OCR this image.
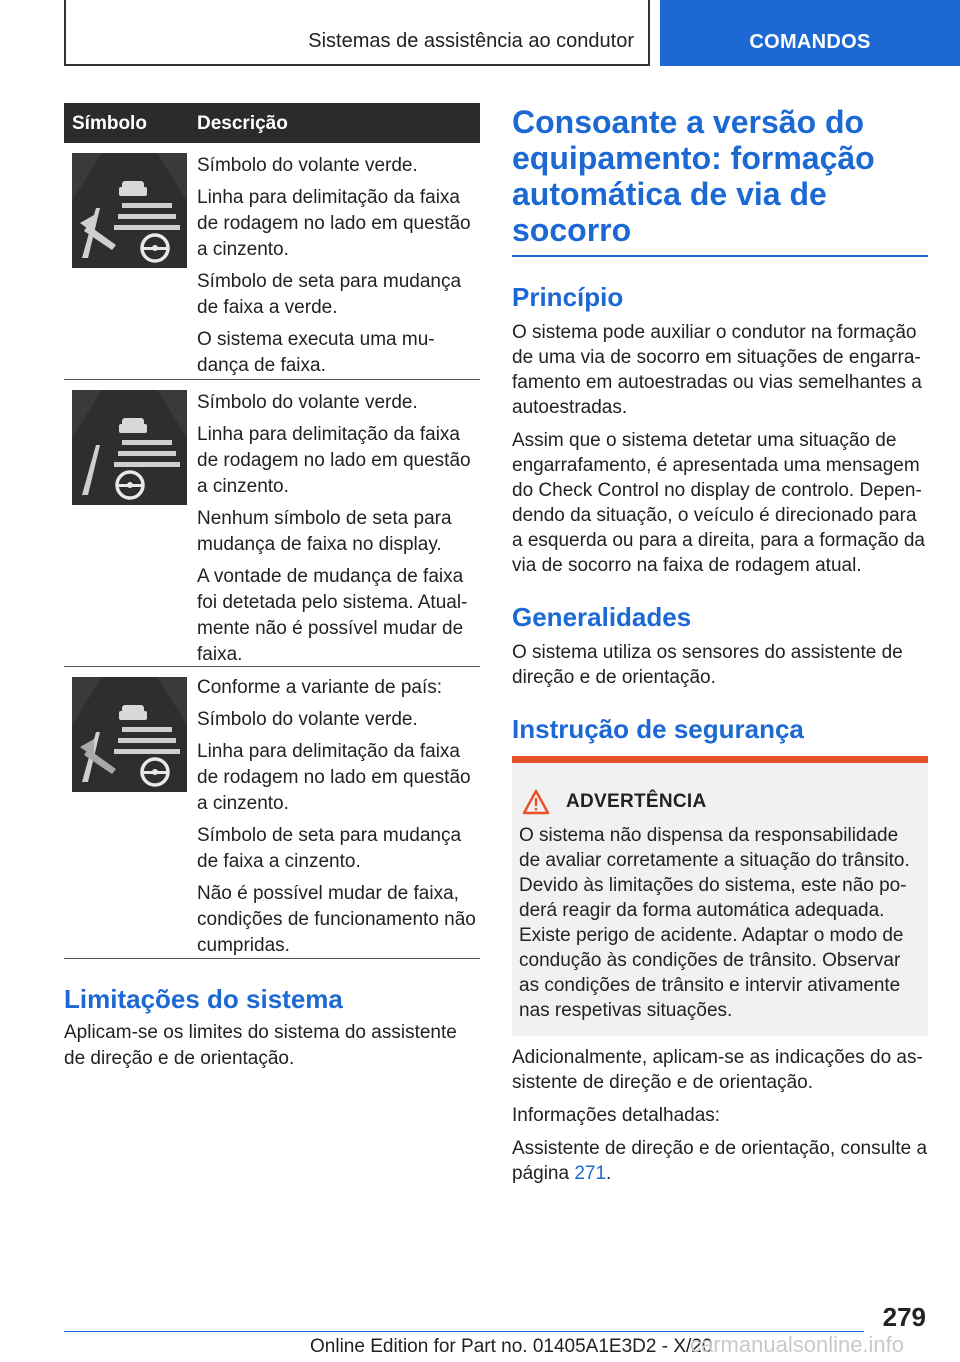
Sistemas de assistência ao condutor	COMANDOS
Símbolo	Descrição

Símbolo do volante verde.

Linha para delimitação da faixa de rodagem no lado em questão a cinzento.

Símbolo de seta para mudança de faixa a verde.

O sistema executa uma mu-dança de faixa.

Símbolo do volante verde.

Linha para delimitação da faixa de rodagem no lado em questão a cinzento.

Nenhum símbolo de seta para mudança de faixa no display.

A vontade de mudança de faixa foi detetada pelo sistema. Atual-mente não é possível mudar de faixa.

Conforme a variante de país:

Símbolo do volante verde.

Linha para delimitação da faixa de rodagem no lado em questão a cinzento.

Símbolo de seta para mudança de faixa a cinzento.

Não é possível mudar de faixa, condições de funcionamento não cumpridas.

Limitações do sistema
Aplicam-se os limites do sistema do assistente de direção e de orientação.
Consoante a versão do equipamento: formação automática de via de socorro
Princípio

O sistema pode auxiliar o condutor na formação de uma via de socorro em situações de engarra-famento em autoestradas ou vias semelhantes a autoestradas.

Assim que o sistema detetar uma situação de engarrafamento, é apresentada uma mensagem do Check Control no display de controlo. Depen-dendo da situação, o veículo é direcionado para a esquerda ou para a direita, para a formação da via de socorro na faixa de rodagem atual.

Generalidades
O sistema utiliza os sensores do assistente de direção e de orientação.
Instrução de segurança
ADVERTÊNCIA
O sistema não dispensa da responsabilidade de avaliar corretamente a situação do trânsito. Devido às limitações do sistema, este não po-derá reagir da forma automática adequada. Existe perigo de acidente. Adaptar o modo de condução às condições de trânsito. Observar as condições de trânsito e intervir ativamente nas respetivas situações.

Adicionalmente, aplicam-se as indicações do as-sistente de direção e de orientação.

Informações detalhadas:

Assistente de direção e de orientação, consulte a página 271.

279
Online Edition for Part no. 01405A1E3D2 - X/20
carmanualsonline.info
